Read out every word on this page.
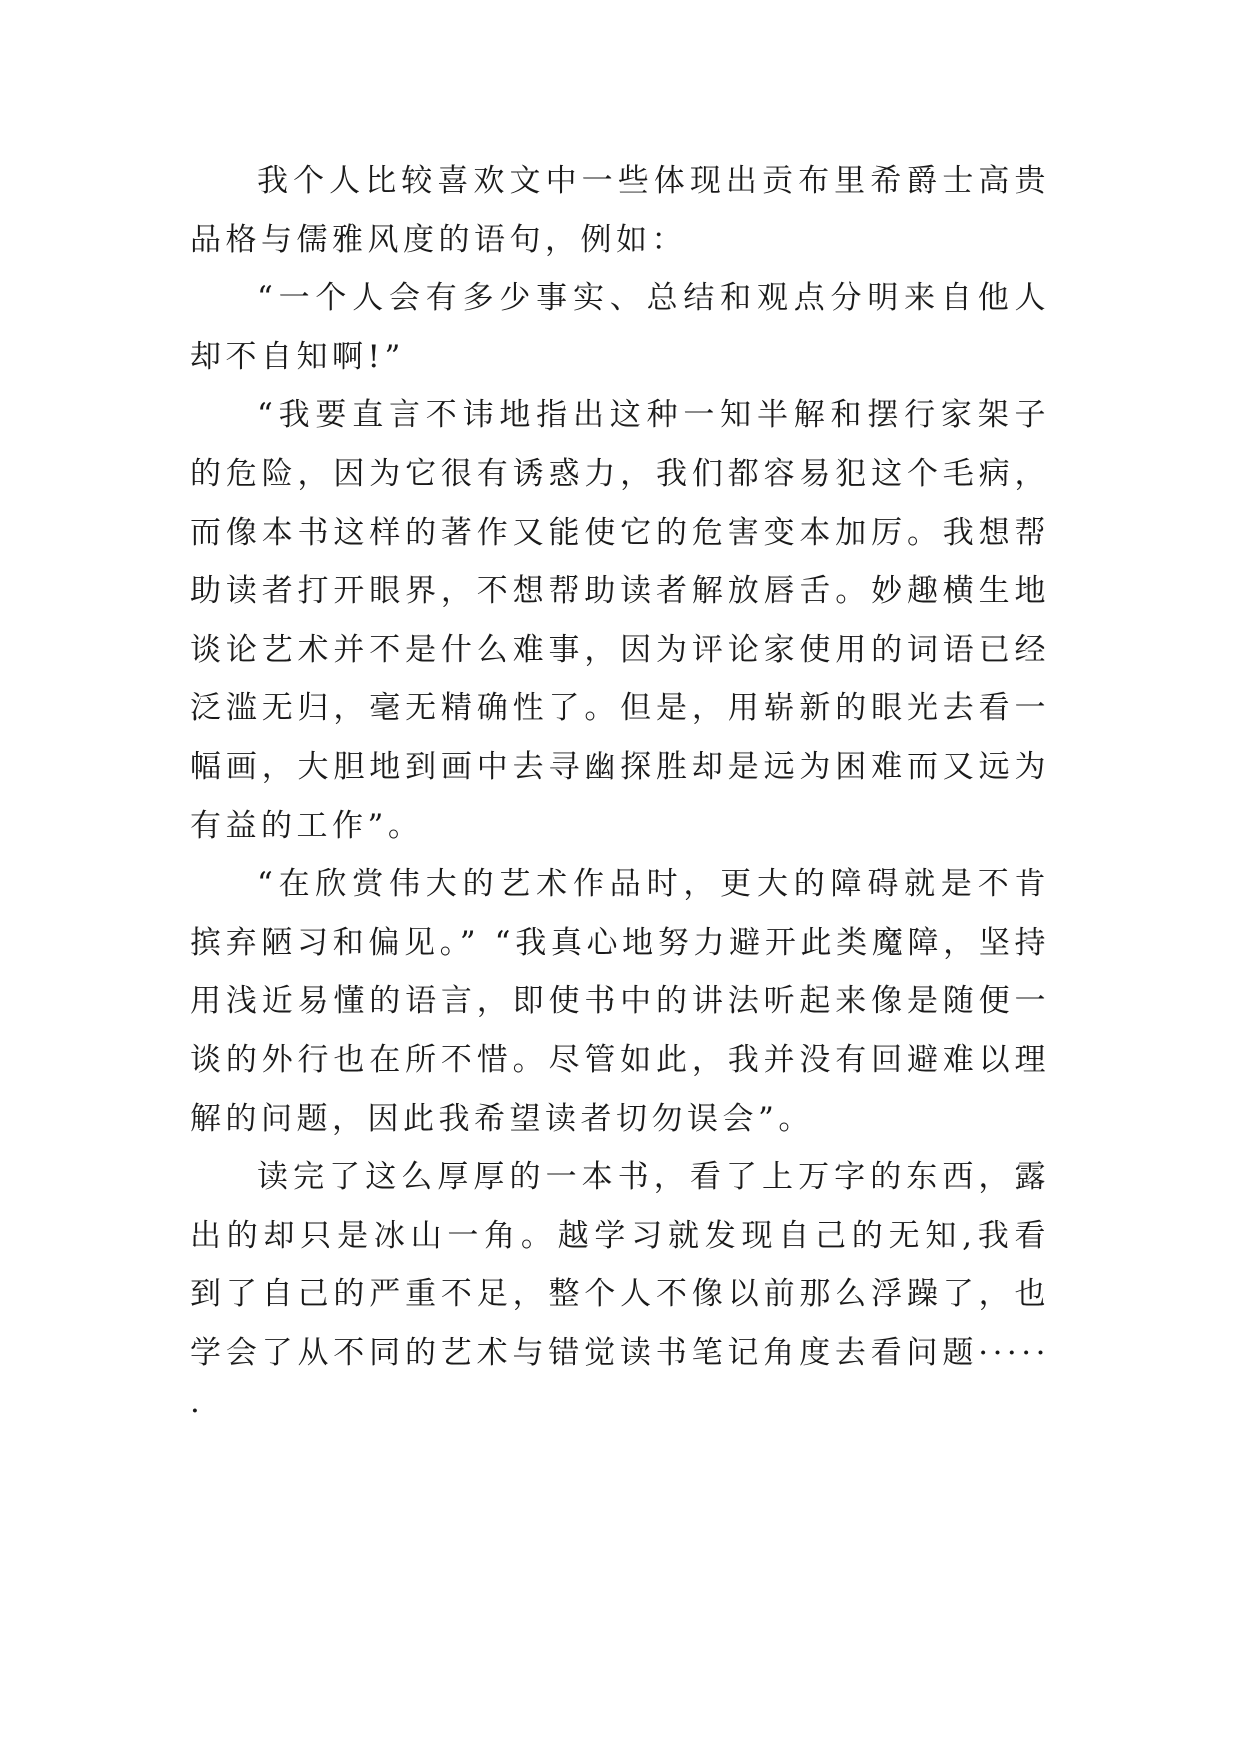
我个人比较喜欢文中一些体现出贡布里希爵士高贵品格与儒雅风度的语句，例如：

“一个人会有多少事实、总结和观点分明来自他人却不自知啊!”

“我要直言不讳地指出这种一知半解和摆行家架子的危险，因为它很有诱惑力，我们都容易犯这个毛病，而像本书这样的著作又能使它的危害变本加厉。我想帮助读者打开眼界，不想帮助读者解放唇舌。妙趣横生地谈论艺术并不是什么难事，因为评论家使用的词语已经泛滥无归，毫无精确性了。但是，用崭新的眼光去看一幅画，大胆地到画中去寻幽探胜却是远为困难而又远为有益的工作”。

“在欣赏伟大的艺术作品时，更大的障碍就是不肯摈弃陋习和偏见。” “我真心地努力避开此类魔障，坚持用浅近易懂的语言，即使书中的讲法听起来像是随便一谈的外行也在所不惜。尽管如此，我并没有回避难以理解的问题，因此我希望读者切勿误会”。

读完了这么厚厚的一本书，看了上万字的东西，露出的却只是冰山一角。越学习就发现自己的无知,我看到了自己的严重不足，整个人不像以前那么浮躁了，也学会了从不同的艺术与错觉读书笔记角度去看问题······
